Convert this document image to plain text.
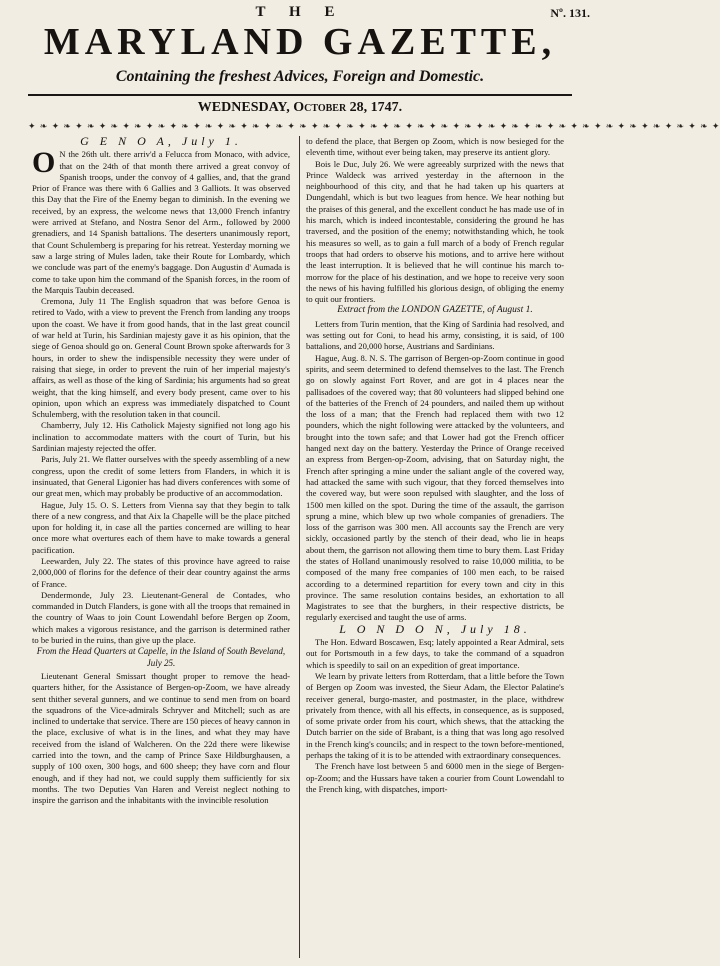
T H E	Nº. 131.
MARYLAND GAZETTE,
Containing the freshest Advices, Foreign and Domestic.
WEDNESDAY, October 28, 1747.
✦ ❧ ✦ ❧ ✦ ❧ ✦ ❧ ✦ ❧ ✦ ❧ ✦ ❧ ✦ ❧ ✦ ❧ ✦ ❧ ✦ ❧ ✦ ❧ ✦ ❧ ✦ ❧ ✦ ❧ ✦ ❧ ✦ ❧ ✦ ❧ ✦ ❧ ✦ ❧ ✦ ❧ ✦ ❧ ✦ ❧ ✦ ❧ ✦ ❧ ✦ ❧ ✦ ❧ ✦ ❧ ✦ ❧ ✦

G E N O A, July 1.

O N the 26th ult. there arriv'd a Felucca from Monaco, with advice, that on the 24th of that month there arrived a great convoy of Spanish troops, under the convoy of 4 gallies, and, that the grand Prior of France was there with 6 Gallies and 3 Galliots. It was observed this Day that the Fire of the Enemy began to diminish. In the evening we received, by an express, the welcome news that 13,000 French infantry were arrived at Stefano, and Nostra Senor del Arm., followed by 2000 grenadiers, and 14 Spanish battalions. The deserters unanimously report, that Count Schulemberg is preparing for his retreat. Yesterday morning we saw a large string of Mules laden, take their Route for Lombardy, which we conclude was part of the enemy's baggage. Don Augustin d' Aumada is come to take upon him the command of the Spanish forces, in the room of the Marquis Taubin deceased.

Cremona, July 11 The English squadron that was before Genoa is retired to Vado, with a view to prevent the French from landing any troops upon the coast. We have it from good hands, that in the last great council of war held at Turin, his Sardinian majesty gave it as his opinion, that the siege of Genoa should go on. General Count Brown spoke afterwards for 3 hours, in order to shew the indispensible necessity they were under of raising that siege, in order to prevent the ruin of her imperial majesty's affairs, as well as those of the king of Sardinia; his arguments had so great weight, that the king himself, and every body present, came over to his opinion, upon which an express was immediately dispatched to Count Schulemberg, with the resolution taken in that council.

Chamberry, July 12. His Catholick Majesty signified not long ago his inclination to accommodate matters with the court of Turin, but his Sardinian majesty rejected the offer.

Paris, July 21. We flatter ourselves with the speedy assembling of a new congress, upon the credit of some letters from Flanders, in which it is insinuated, that General Ligonier has had divers conferences with some of our great men, which may probably be productive of an accommodation.

Hague, July 15. O. S. Letters from Vienna say that they begin to talk there of a new congress, and that Aix la Chapelle will be the place pitched upon for holding it, in case all the parties concerned are willing to hear once more what overtures each of them have to make towards a general pacification.

Leewarden, July 22. The states of this province have agreed to raise 2,000,000 of florins for the defence of their dear country against the arms of France.

Dendermonde, July 23. Lieutenant-General de Contades, who commanded in Dutch Flanders, is gone with all the troops that remained in the country of Waas to join Count Lowendahl before Bergen op Zoom, which makes a vigorous resistance, and the garrison is determined rather to be buried in the ruins, than give up the place.

From the Head Quarters at Capelle, in the Island of South Beveland, July 25.

Lieutenant General Smissart thought proper to remove the head-quarters hither, for the Assistance of Bergen-op-Zoom, we have already sent thither several gunners, and we continue to send men from on board the squadrons of the Vice-admirals Schryver and Mitchell; such as are inclined to undertake that service. There are 150 pieces of heavy cannon in the place, exclusive of what is in the lines, and what they may have received from the island of Walcheren. On the 22d there were likewise carried into the town, and the camp of Prince Saxe Hildburghausen, a supply of 100 oxen, 300 hogs, and 600 sheep; they have corn and flour enough, and if they had not, we could supply them sufficiently for six months. The two Deputies Van Haren and Vereist neglect nothing to inspire the garrison and the inhabitants with the invincible resolution

to defend the place, that Bergen op Zoom, which is now besieged for the eleventh time, without ever being taken, may preserve its antient glory.

Bois le Duc, July 26. We were agreeably surprized with the news that Prince Waldeck was arrived yesterday in the afternoon in the neighbourhood of this city, and that he had taken up his quarters at Dungendahl, which is but two leagues from hence. We hear nothing but the praises of this general, and the excellent conduct he has made use of in his march, which is indeed incontestable, considering the ground he has traversed, and the position of the enemy; notwithstanding which, he took his measures so well, as to gain a full march of a body of French regular troops that had orders to observe his motions, and to arrive here without the least interruption. It is believed that he will continue his march to-morrow for the place of his destination, and we hope to receive very soon the news of his having fulfilled his glorious design, of obliging the enemy to quit our frontiers.

Extract from the LONDON GAZETTE, of August 1.

Letters from Turin mention, that the King of Sardinia had resolved, and was setting out for Coni, to head his army, consisting, it is said, of 100 battalions, and 20,000 horse, Austrians and Sardinians.

Hague, Aug. 8. N. S. The garrison of Bergen-op-Zoom continue in good spirits, and seem determined to defend themselves to the last. The French go on slowly against Fort Rover, and are got in 4 places near the pallisadoes of the covered way; that 80 volunteers had slipped behind one of the batteries of the French of 24 pounders, and nailed them up without the loss of a man; that the French had replaced them with two 12 pounders, which the night following were attacked by the volunteers, and brought into the town safe; and that Lower had got the French officer hanged next day on the battery. Yesterday the Prince of Orange received an express from Bergen-op-Zoom, advising, that on Saturday night, the French after springing a mine under the saliant angle of the covered way, had attacked the same with such vigour, that they forced themselves into the covered way, but were soon repulsed with slaughter, and the loss of 1500 men killed on the spot. During the time of the assault, the garrison sprung a mine, which blew up two whole companies of grenadiers. The loss of the garrison was 300 men. All accounts say the French are very sickly, occasioned partly by the stench of their dead, who lie in heaps about them, the garrison not allowing them time to bury them. Last Friday the states of Holland unanimously resolved to raise 10,000 militia, to be composed of the many free companies of 100 men each, to be raised according to a determined repartition for every town and city in this province. The same resolution contains besides, an exhortation to all Magistrates to see that the burghers, in their respective districts, be regularly exercised and taught the use of arms.

L O N D O N, July 18.

The Hon. Edward Boscawen, Esq; lately appointed a Rear Admiral, sets out for Portsmouth in a few days, to take the command of a squadron which is speedily to sail on an expedition of great importance.

We learn by private letters from Rotterdam, that a little before the Town of Bergen op Zoom was invested, the Sieur Adam, the Elector Palatine's receiver general, burgo-master, and postmaster, in the place, withdrew privately from thence, with all his effects, in consequence, as is supposed, of some private order from his court, which shews, that the attacking the Dutch barrier on the side of Brabant, is a thing that was long ago resolved in the French king's councils; and in respect to the town before-mentioned, perhaps the taking of it is to be attended with extraordinary consequences.

The French have lost between 5 and 6000 men in the siege of Bergen-op-Zoom; and the Hussars have taken a courier from Count Lowendahl to the French king, with dispatches, import-
